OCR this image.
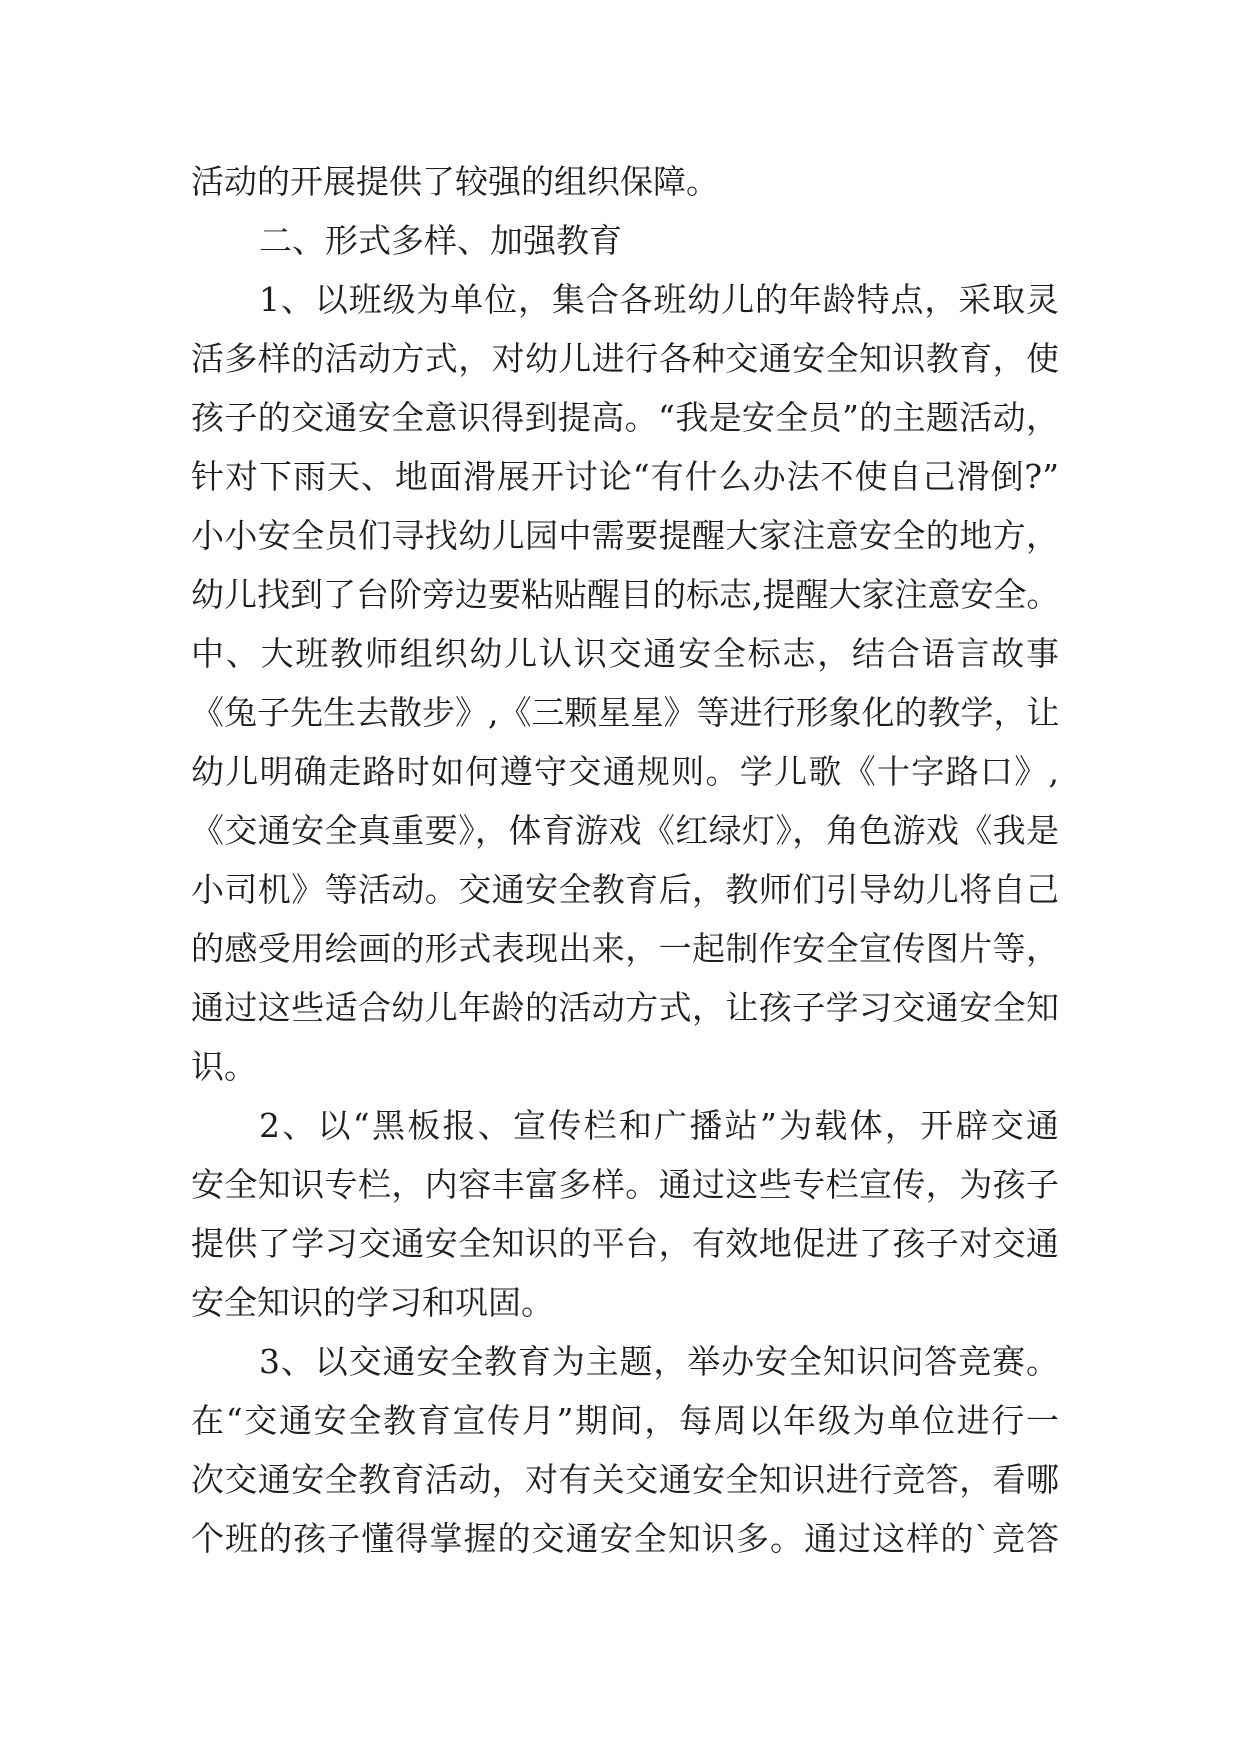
活动的开展提供了较强的组织保障。
二、形式多样、加强教育
1、以班级为单位，集合各班幼儿的年龄特点，采取灵
活多样的活动方式，对幼儿进行各种交通安全知识教育，使
孩子的交通安全意识得到提高。“我是安全员”的主题活动，
针对下雨天、地面滑展开讨论“有什么办法不使自己滑倒?”
小小安全员们寻找幼儿园中需要提醒大家注意安全的地方，
幼儿找到了台阶旁边要粘贴醒目的标志,提醒大家注意安全。
中、大班教师组织幼儿认识交通安全标志，结合语言故事
《兔子先生去散步》,《三颗星星》等进行形象化的教学，让
幼儿明确走路时如何遵守交通规则。学儿歌《十字路口》,
《交通安全真重要》，体育游戏《红绿灯》，角色游戏《我是
小司机》等活动。交通安全教育后，教师们引导幼儿将自己
的感受用绘画的形式表现出来，一起制作安全宣传图片等，
通过这些适合幼儿年龄的活动方式，让孩子学习交通安全知
识。
2、以“黑板报、宣传栏和广播站”为载体，开辟交通
安全知识专栏，内容丰富多样。通过这些专栏宣传，为孩子
提供了学习交通安全知识的平台，有效地促进了孩子对交通
安全知识的学习和巩固。
3、以交通安全教育为主题，举办安全知识问答竞赛。
在“交通安全教育宣传月”期间，每周以年级为单位进行一
次交通安全教育活动，对有关交通安全知识进行竞答，看哪
个班的孩子懂得掌握的交通安全知识多。通过这样的`竞答
